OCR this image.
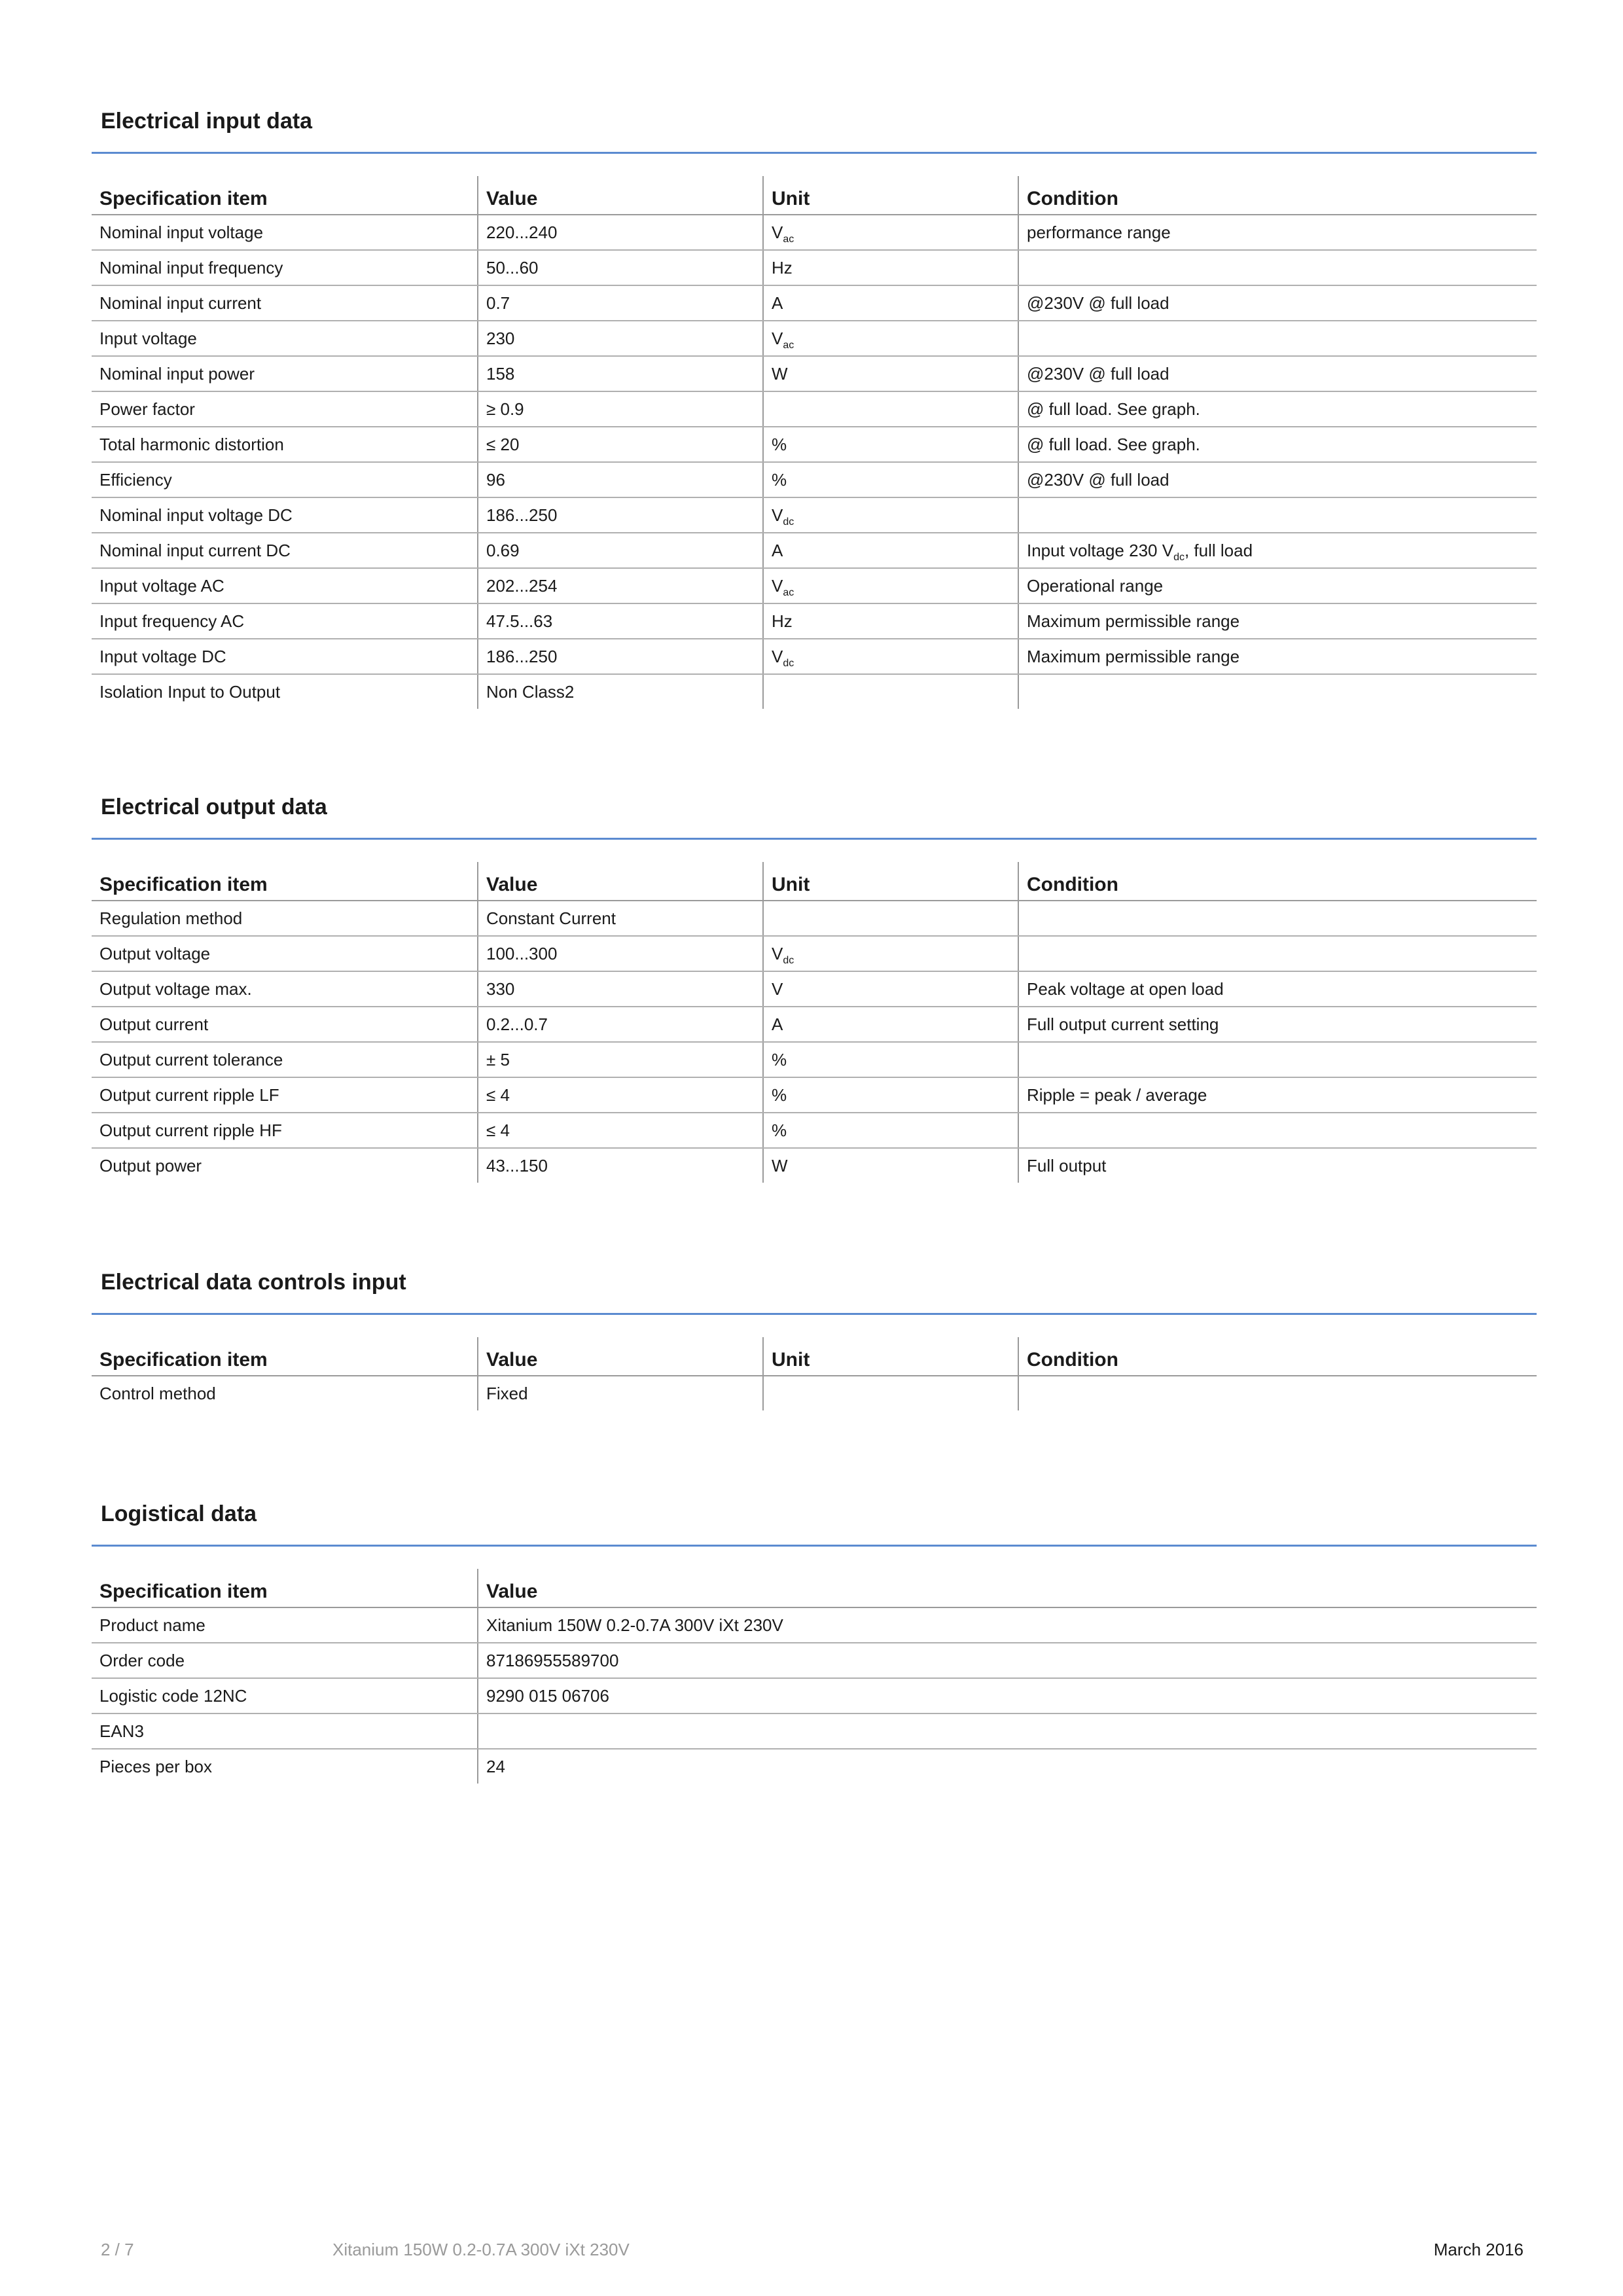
Electrical input data
Specification item	Value	Unit	Condition
Nominal input voltage	220...240	$V_{ac}$	performance range
Nominal input frequency	50...60	Hz	
Nominal input current	0.7	A	@230V @ full load
Input voltage	230	$V_{ac}$	
Nominal input power	158	W	@230V @ full load
Power factor	≥ 0.9		@ full load. See graph.
Total harmonic distortion	≤ 20	%	@ full load. See graph.
Efficiency	96	%	@230V @ full load
Nominal input voltage DC	186...250	$V_{dc}$	
Nominal input current DC	0.69	A	Input voltage 230 $V_{dc}$, full load
Input voltage AC	202...254	$V_{ac}$	Operational range
Input frequency AC	47.5...63	Hz	Maximum permissible range
Input voltage DC	186...250	$V_{dc}$	Maximum permissible range
Isolation Input to Output	Non Class2		
Electrical output data
Specification item	Value	Unit	Condition
Regulation method	Constant Current		
Output voltage	100...300	$V_{dc}$	
Output voltage max.	330	V	Peak voltage at open load
Output current	0.2...0.7	A	Full output current setting
Output current tolerance	± 5	%	
Output current ripple LF	≤ 4	%	Ripple = peak / average
Output current ripple HF	≤ 4	%	
Output power	43...150	W	Full output
Electrical data controls input
Specification item	Value	Unit	Condition
Control method	Fixed		
Logistical data
Specification item	Value
Product name	Xitanium 150W 0.2-0.7A 300V iXt 230V
Order code	87186955589700
Logistic code 12NC	9290 015 06706
EAN3	
Pieces per box	24
2 / 7	Xitanium 150W 0.2-0.7A 300V iXt 230V	March 2016
